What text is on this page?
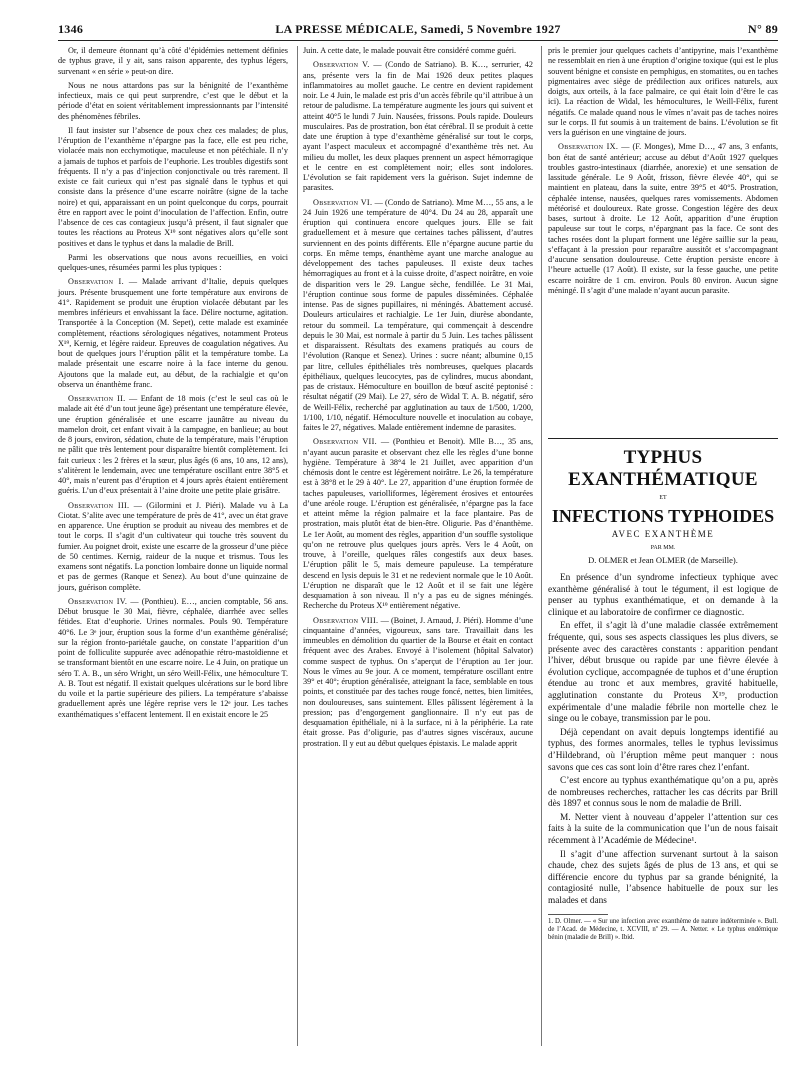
1346	LA PRESSE MÉDICALE, Samedi, 5 Novembre 1927	N° 89

Or, il demeure étonnant qu’à côté d’épidémies nettement définies de typhus grave, il y ait, sans raison apparente, des typhus légers, survenant « en série » peut-on dire.

Nous ne nous attardons pas sur la bénignité de l’exanthème infectieux, mais ce qui peut surprendre, c’est que le début et la période d’état en soient véritablement impressionnants par l’intensité des phénomènes fébriles.

Il faut insister sur l’absence de poux chez ces malades; de plus, l’éruption de l’exanthème n’épargne pas la face, elle est peu riche, violacée mais non ecchymotique, maculeuse et non pétéchiale. Il n’y a jamais de tuphos et parfois de l’euphorie. Les troubles digestifs sont fréquents. Il n’y a pas d’injection conjonctivale ou très rarement. Il existe ce fait curieux qui n’est pas signalé dans le typhus et qui consiste dans la présence d’une escarre noirâtre (signe de la tache noire) et qui, apparaissant en un point quelconque du corps, pourrait être en rapport avec le point d’inoculation de l’affection. Enfin, outre l’absence de ces cas contagieux jusqu’à présent, il faut signaler que toutes les réactions au Proteus X¹⁹ sont négatives alors qu’elle sont positives et dans le typhus et dans la maladie de Brill.

Parmi les observations que nous avons recueillies, en voici quelques-unes, résumées parmi les plus typiques :

Observation I. — Malade arrivant d’Italie, depuis quelques jours. Présente brusquement une forte température aux environs de 41°. Rapidement se produit une éruption violacée débutant par les membres inférieurs et envahissant la face. Délire nocturne, agitation. Transportée à la Conception (M. Sepet), cette malade est examinée complètement, réactions sérologiques négatives, notamment Proteus X¹⁹, Kernig, et légère raideur. Epreuves de coagulation négatives. Au bout de quelques jours l’éruption pâlit et la température tombe. La malade présentait une escarre noire à la face interne du genou. Ajoutons que la malade eut, au début, de la rachialgie et qu’on observa un énanthème franc.

Observation II. — Enfant de 18 mois (c’est le seul cas où le malade ait été d’un tout jeune âge) présentant une température élevée, une éruption généralisée et une escarre jaunâtre au niveau du mamelon droit, cet enfant vivait à la campagne, en banlieue; au bout de 8 jours, environ, sédation, chute de la température, mais l’éruption ne pâlit que très lentement pour disparaître bientôt complètement. Ici fait curieux : les 2 frères et la sœur, plus âgés (6 ans, 10 ans, 12 ans), s’alitèrent le lendemain, avec une température oscillant entre 38°5 et 40°, mais n’eurent pas d’éruption et 4 jours après étaient entièrement guéris. L’un d’eux présentait à l’aine droite une petite plaie grisâtre.

Observation III. — (Gilormini et J. Piéri). Malade vu à La Ciotat. S’alite avec une température de près de 41°, avec un état grave en apparence. Une éruption se produit au niveau des membres et de tout le corps. Il s’agit d’un cultivateur qui touche très souvent du fumier. Au poignet droit, existe une escarre de la grosseur d’une pièce de 50 centimes. Kernig, raideur de la nuque et trismus. Tous les examens sont négatifs. La ponction lombaire donne un liquide normal et pas de germes (Ranque et Senez). Au bout d’une quinzaine de jours, guérison complète.

Observation IV. — (Ponthieu). E…, ancien comptable, 56 ans. Début brusque le 30 Mai, fièvre, céphalée, diarrhée avec selles fétides. Etat d’euphorie. Urines normales. Pouls 90. Température 40°6. Le 3ᵉ jour, éruption sous la forme d’un exanthème généralisé; sur la région fronto-pariétale gauche, on constate l’apparition d’un point de folliculite suppurée avec adénopathie rétro-mastoïdienne et se transformant bientôt en une escarre noire. Le 4 Juin, on pratique un séro T. A. B., un séro Wright, un séro Weill-Félix, une hémoculture T. A. B. Tout est négatif. Il existait quelques ulcérations sur le bord libre du voile et la partie supérieure des piliers. La température s’abaisse graduellement après une légère reprise vers le 12ᵉ jour. Les taches exanthématiques s’effacent lentement. Il en existait encore le 25

Juin. A cette date, le malade pouvait être considéré comme guéri.

Observation V. — (Condo de Satriano). B. K…, serrurier, 42 ans, présente vers la fin de Mai 1926 deux petites plaques inflammatoires au mollet gauche. Le centre en devient rapidement noir. Le 4 Juin, le malade est pris d’un accès fébrile qu’il attribue à un retour de paludisme. La température augmente les jours qui suivent et atteint 40°5 le lundi 7 Juin. Nausées, frissons. Pouls rapide. Douleurs musculaires. Pas de prostration, bon état cérébral. Il se produit à cette date une éruption à type d’exanthème généralisé sur tout le corps, ayant l’aspect maculeux et accompagné d’exanthème très net. Au milieu du mollet, les deux plaques prennent un aspect hémorragique et le centre en est complètement noir; elles sont indolores. L’évolution se fait rapidement vers la guérison. Sujet indemne de parasites.

Observation VI. — (Condo de Satriano). Mme M…, 55 ans, a le 24 Juin 1926 une température de 40°4. Du 24 au 28, apparaît une éruption qui continuera encore quelques jours. Elle se fait graduellement et à mesure que certaines taches pâlissent, d’autres surviennent en des points différents. Elle n’épargne aucune partie du corps. En même temps, énanthème ayant une marche analogue au développement des taches papuleuses. Il existe deux taches hémorragiques au front et à la cuisse droite, d’aspect noirâtre, en voie de disparition vers le 29. Langue sèche, fendillée. Le 31 Mai, l’éruption continue sous forme de papules disséminées. Céphalée intense. Pas de signes pupillaires, ni méningés. Abattement accusé. Douleurs articulaires et rachialgie. Le 1er Juin, diurèse abondante, retour du sommeil. La température, qui commençait à descendre depuis le 30 Mai, est normale à partir du 5 Juin. Les taches pâlissent et disparaissent. Résultats des examens pratiqués au cours de l’évolution (Ranque et Senez). Urines : sucre néant; albumine 0,15 par litre, cellules épithéliales très nombreuses, quelques placards épithéliaux, quelques leucocytes, pas de cylindres, mucus abondant, pas de cristaux. Hémoculture en bouillon de bœuf ascité peptonisé : résultat négatif (29 Mai). Le 27, séro de Widal T. A. B. négatif, séro de Weill-Félix, recherché par agglutination au taux de 1/500, 1/200, 1/100, 1/10, négatif. Hémoculture nouvelle et inoculation au cobaye, faites le 27, négatives. Malade entièrement indemne de parasites.

Observation VII. — (Ponthieu et Benoit). Mlle B…, 35 ans, n’ayant aucun parasite et observant chez elle les règles d’une bonne hygiène. Température à 38°4 le 21 Juillet, avec apparition d’un chémosis dont le centre est légèrement noirâtre. Le 26, la température est à 38°8 et le 29 à 40°. Le 27, apparition d’une éruption formée de taches papuleuses, variolliformes, légèrement érosives et entourées d’une aréole rouge. L’éruption est généralisée, n’épargne pas la face et atteint même la région palmaire et la face plantaire. Pas de prostration, mais plutôt état de bien-être. Oligurie. Pas d’énanthème. Le 1er Août, au moment des règles, apparition d’un souffle systolique qu’on ne retrouve plus quelques jours après. Vers le 4 Août, on trouve, à l’oreille, quelques râles congestifs aux deux bases. L’éruption pâlit le 5, mais demeure papuleuse. La température descend en lysis depuis le 31 et ne redevient normale que le 10 Août. L’éruption ne disparaît que le 12 Août et il se fait une légère desquamation à son niveau. Il n’y a pas eu de signes méningés. Recherche du Proteus X¹⁹ entièrement négative.

Observation VIII. — (Boinet, J. Arnaud, J. Piéri). Homme d’une cinquantaine d’années, vigoureux, sans tare. Travaillait dans les immeubles en démolition du quartier de la Bourse et était en contact fréquent avec des Arabes. Envoyé à l’isolement (hôpital Salvator) comme suspect de typhus. On s’aperçut de l’éruption au 1er jour. Nous le vîmes au 9e jour. A ce moment, température oscillant entre 39° et 40°; éruption généralisée, atteignant la face, semblable en tous points, et constituée par des taches rouge foncé, nettes, bien limitées, non douloureuses, sans suintement. Elles pâlissent légèrement à la pression; pas d’engorgement ganglionnaire. Il n’y eut pas de desquamation épithéliale, ni à la surface, ni à la périphérie. La rate était grosse. Pas d’oligurie, pas d’autres signes viscéraux, aucune prostration. Il y eut au début quelques épistaxis. Le malade apprit

pris le premier jour quelques cachets d’antipyrine, mais l’exanthème ne ressemblait en rien à une éruption d’origine toxique (qui est le plus souvent bénigne et consiste en pemphigus, en stomatites, ou en taches pigmentaires avec siège de prédilection aux orifices naturels, aux doigts, aux orteils, à la face palmaire, ce qui était loin d’être le cas ici). La réaction de Widal, les hémocultures, le Weill-Félix, furent négatifs. Ce malade quand nous le vîmes n’avait pas de taches noires sur le corps. Il fut soumis à un traitement de bains. L’évolution se fit vers la guérison en une vingtaine de jours.

Observation IX. — (F. Monges), Mme D…, 47 ans, 3 enfants, bon état de santé antérieur; accuse au début d’Août 1927 quelques troubles gastro-intestinaux (diarrhée, anorexie) et une sensation de lassitude générale. Le 9 Août, frisson, fièvre élevée 40°, qui se maintient en plateau, dans la suite, entre 39°5 et 40°5. Prostration, céphalée intense, nausées, quelques rares vomissements. Abdomen météorisé et douloureux. Rate grosse. Congestion légère des deux bases, surtout à droite. Le 12 Août, apparition d’une éruption papuleuse sur tout le corps, n’épargnant pas la face. Ce sont des taches rosées dont la plupart forment une légère saillie sur la peau, s’effaçant à la pression pour reparaître aussitôt et s’accompagnant d’aucune sensation douloureuse. Cette éruption persiste encore à l’heure actuelle (17 Août). Il existe, sur la fesse gauche, une petite escarre noirâtre de 1 cm. environ. Pouls 80 environ. Aucun signe méningé. Il s’agit d’une malade n’ayant aucun parasite.

TYPHUS EXANTHÉMATIQUE
ET
INFECTIONS TYPHOIDES
AVEC EXANTHÈME
PAR MM.
D. OLMER et Jean OLMER (de Marseille).

En présence d’un syndrome infectieux typhique avec exanthème généralisé à tout le tégument, il est logique de penser au typhus exanthématique, et on demande à la clinique et au laboratoire de confirmer ce diagnostic.

En effet, il s’agit là d’une maladie classée extrêmement fréquente, qui, sous ses aspects classiques les plus divers, se présente avec des caractères constants : apparition pendant l’hiver, début brusque ou rapide par une fièvre élevée à évolution cyclique, accompagnée de tuphos et d’une éruption étendue au tronc et aux membres, gravité habituelle, agglutination constante du Proteus X¹⁹, production expérimentale d’une maladie fébrile non mortelle chez le singe ou le cobaye, transmission par le pou.

Déjà cependant on avait depuis longtemps identifié au typhus, des formes anormales, telles le typhus levissimus d’Hildebrand, où l’éruption même peut manquer : nous savons que ces cas sont loin d’être rares chez l’enfant.

C’est encore au typhus exanthématique qu’on a pu, après de nombreuses recherches, rattacher les cas décrits par Brill dès 1897 et connus sous le nom de maladie de Brill.

M. Netter vient à nouveau d’appeler l’attention sur ces faits à la suite de la communication que l’un de nous faisait récemment à l’Académie de Médecine¹.

Il s’agit d’une affection survenant surtout à la saison chaude, chez des sujets âgés de plus de 13 ans, et qui se différencie encore du typhus par sa grande bénignité, la contagiosité nulle, l’absence habituelle de poux sur les malades et dans

1. D. Olmer. — « Sur une infection avec exanthème de nature indéterminée ». Bull. de l’Acad. de Médecine, t. XCVIII, nº 29. — A. Netter. « Le typhus endémique bénin (maladie de Brill) ». Ibid.
